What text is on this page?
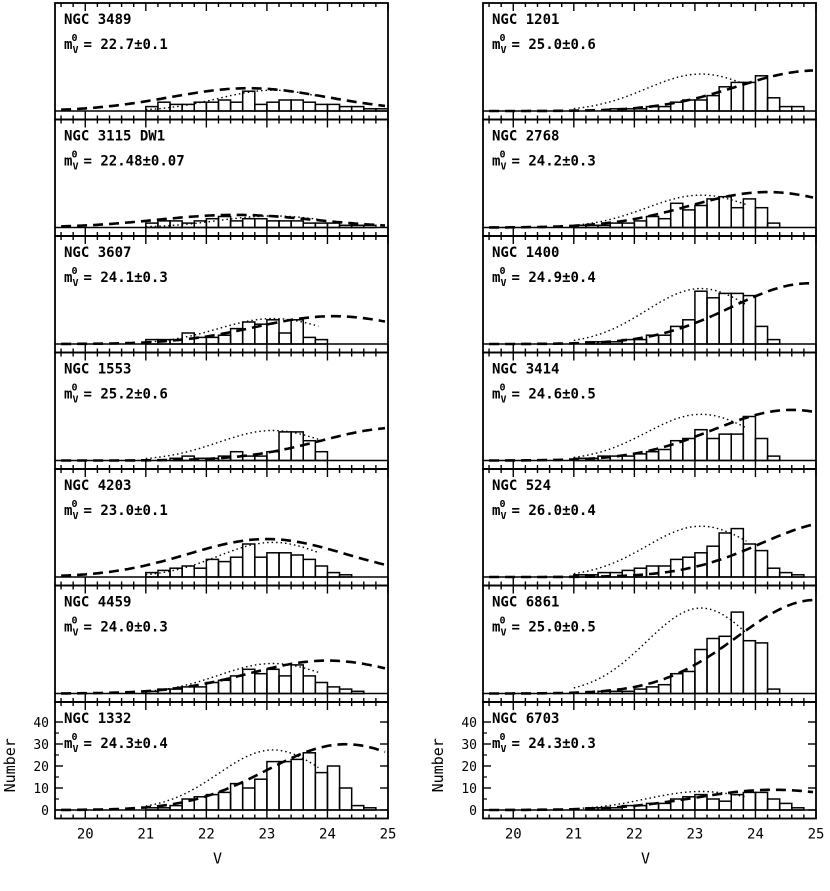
NGC 3489
$m_V0 = 22.7\pm 0.1$
NGC 3115 DW1
$m_V0 = 22.48\pm 0.07$
NGC 3607
$m_V0 = 24.1\pm 0.3$
NGC 1553
$m_V0 = 25.2\pm 0.6$
NGC 4203
$m_V0 = 23.0\pm 0.1$
NGC 4459
$m_V0 = 24.0\pm 0.3$
NGC 1332
$m_V0 = 24.3\pm 0.4$
0
10
20
30
40
Number
20	21	22	23	24	25
V
NGC 1201
$m_V0 = 25.0\pm 0.6$
NGC 2768
$m_V0 = 24.2\pm 0.3$
NGC 1400
$m_V0 = 24.9\pm 0.4$
NGC 3414
$m_V0 = 24.6\pm 0.5$
NGC 524
$m_V0 = 26.0\pm 0.4$
NGC 6861
$m_V0 = 25.0\pm 0.5$
NGC 6703
$m_V0 = 24.3\pm 0.3$
0
10
20
30
40
Number
20	21	22	23	24	25
V
